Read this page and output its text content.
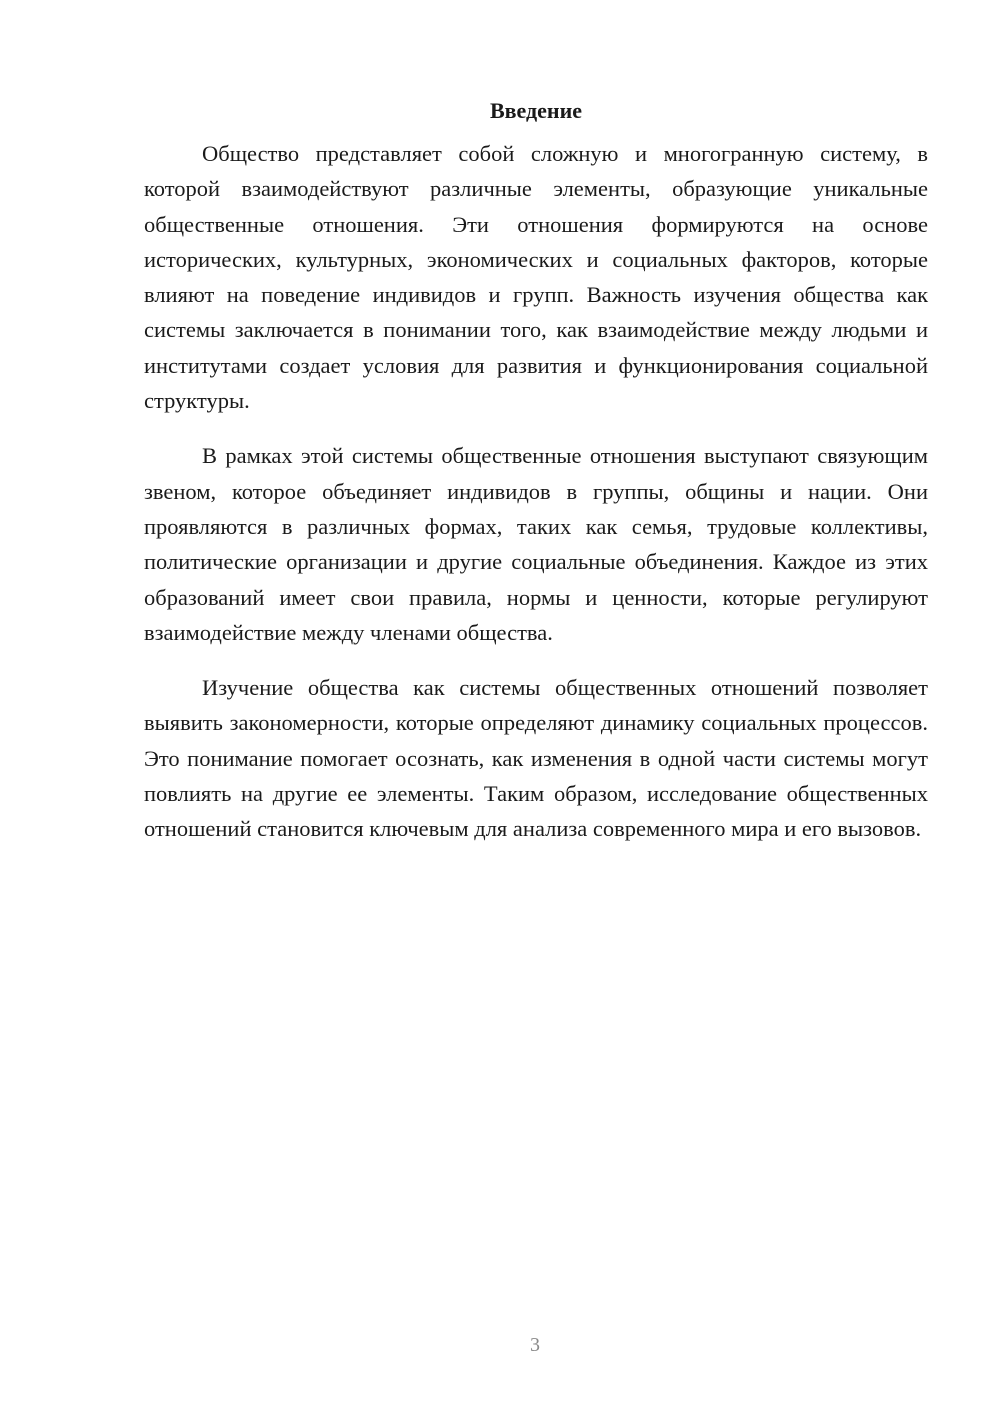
Введение

Общество представляет собой сложную и многогранную систему, в которой взаимодействуют различные элементы, образующие уникальные общественные отношения. Эти отношения формируются на основе исторических, культурных, экономических и социальных факторов, которые влияют на поведение индивидов и групп. Важность изучения общества как системы заключается в понимании того, как взаимодействие между людьми и институтами создает условия для развития и функционирования социальной структуры.

В рамках этой системы общественные отношения выступают связующим звеном, которое объединяет индивидов в группы, общины и нации. Они проявляются в различных формах, таких как семья, трудовые коллективы, политические организации и другие социальные объединения. Каждое из этих образований имеет свои правила, нормы и ценности, которые регулируют взаимодействие между членами общества.

Изучение общества как системы общественных отношений позволяет выявить закономерности, которые определяют динамику социальных процессов. Это понимание помогает осознать, как изменения в одной части системы могут повлиять на другие ее элементы. Таким образом, исследование общественных отношений становится ключевым для анализа современного мира и его вызовов.

3
